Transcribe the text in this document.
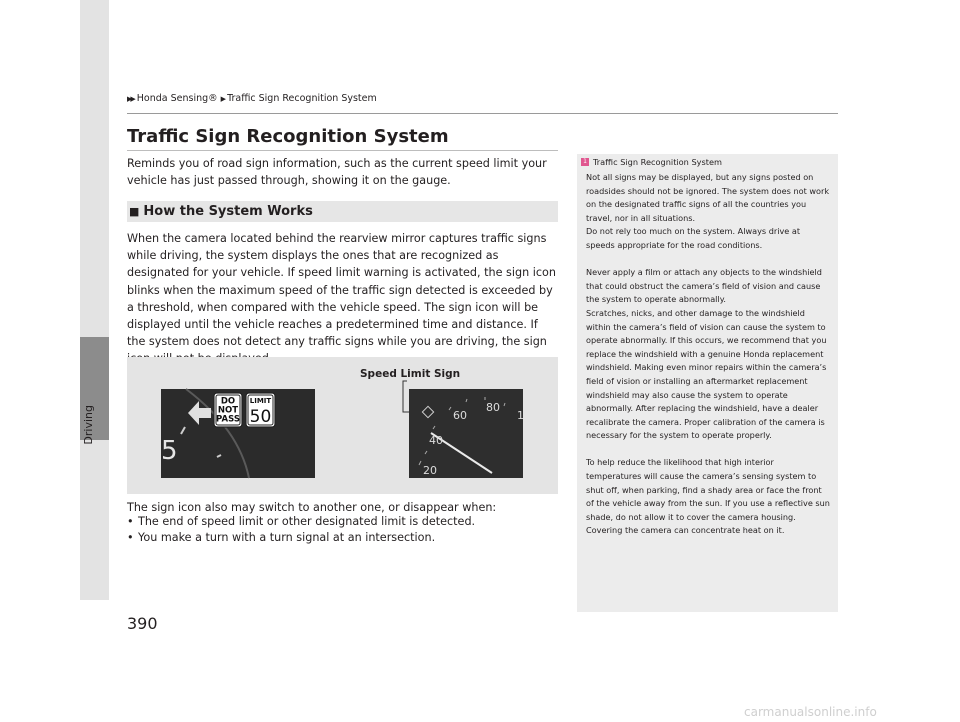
Driving
▶▶ Honda Sensing® ▶ Traffic Sign Recognition System
Traffic Sign Recognition System

Reminds you of road sign information, such as the current speed limit your vehicle has just passed through, showing it on the gauge.

■ How the System Works

When the camera located behind the rearview mirror captures traffic signs while driving, the system displays the ones that are recognized as designated for your vehicle. If speed limit warning is activated, the sign icon blinks when the maximum speed of the traffic sign detected is exceeded by a threshold, when compared with the vehicle speed. The sign icon will be displayed until the vehicle reaches a predetermined time and distance. If the system does not detect any traffic signs while you are driving, the sign

Speed Limit Sign
5
DO
NOT
PASS
LIMIT
50
20
40
60
80
1

The sign icon also may switch to another one, or disappear when:

• The end of speed limit or other designated limit is detected.
• You make a turn with a turn signal at an intersection.
1 Traffic Sign Recognition System

Not all signs may be displayed, but any signs posted on roadsides should not be ignored. The system does not work on the designated traffic signs of all the countries you travel, nor in all situations.
Do not rely too much on the system. Always drive at speeds appropriate for the road conditions.

Never apply a film or attach any objects to the windshield that could obstruct the camera’s field of vision and cause the system to operate abnormally.
Scratches, nicks, and other damage to the windshield within the camera’s field of vision can cause the system to operate abnormally. If this occurs, we recommend that you replace the windshield with a genuine Honda replacement windshield. Making even minor repairs within the camera’s field of vision or installing an aftermarket replacement windshield may also cause the system to operate abnormally. After replacing the windshield, have a dealer recalibrate the camera. Proper calibration of the camera is necessary for the system to operate properly.

To help reduce the likelihood that high interior temperatures will cause the camera’s sensing system to shut off, when parking, find a shady area or face the front of the vehicle away from the sun. If you use a reflective sun shade, do not allow it to cover the camera housing.
Covering the camera can concentrate heat on it.

390
carmanualsonline.info
